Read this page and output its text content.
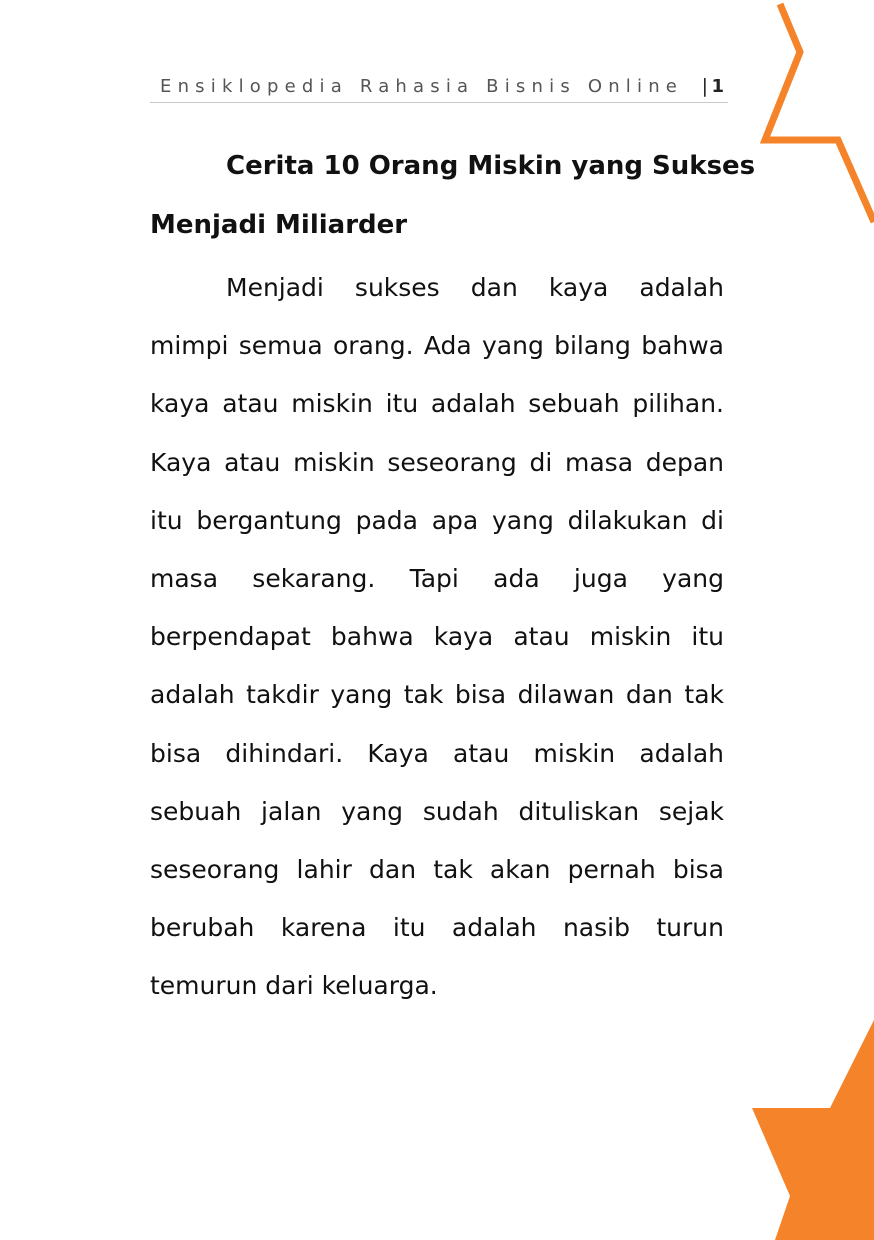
Ensiklopedia Rahasia Bisnis Online | 1
Cerita 10 Orang Miskin yang Sukses
Menjadi Miliarder
Menjadi sukses dan kaya adalah
mimpi semua orang. Ada yang bilang bahwa
kaya atau miskin itu adalah sebuah pilihan.
Kaya atau miskin seseorang di masa depan
itu bergantung pada apa yang dilakukan di
masa sekarang. Tapi ada juga yang
berpendapat bahwa kaya atau miskin itu
adalah takdir yang tak bisa dilawan dan tak
bisa dihindari. Kaya atau miskin adalah
sebuah jalan yang sudah dituliskan sejak
seseorang lahir dan tak akan pernah bisa
berubah karena itu adalah nasib turun
temurun dari keluarga.
